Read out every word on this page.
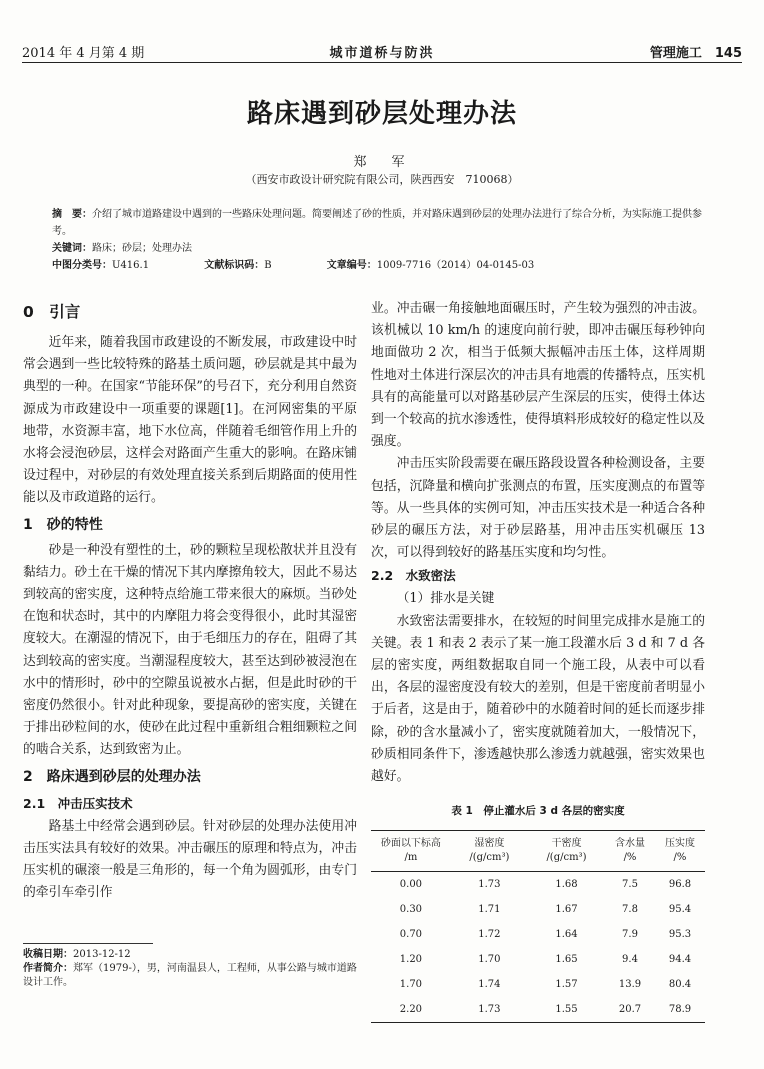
2014 年 4 月第 4 期	城市道桥与防洪	管理施工　145
路床遇到砂层处理办法
郑　军
（西安市政设计研究院有限公司，陕西西安　710068）
摘　要：介绍了城市道路建设中遇到的一些路床处理问题。简要阐述了砂的性质，并对路床遇到砂层的处理办法进行了综合分析，为实际施工提供参考。
关键词：路床；砂层；处理办法
中图分类号：U416.1	文献标识码：B	文章编号：1009-7716（2014）04-0145-03
0　引言

近年来，随着我国市政建设的不断发展，市政建设中时常会遇到一些比较特殊的路基土质问题，砂层就是其中最为典型的一种。在国家“节能环保”的号召下，充分利用自然资源成为市政建设中一项重要的课题[1]。在河网密集的平原地带，水资源丰富，地下水位高，伴随着毛细管作用上升的水将会浸泡砂层，这样会对路面产生重大的影响。在路床铺设过程中，对砂层的有效处理直接关系到后期路面的使用性能以及市政道路的运行。

1　砂的特性

砂是一种没有塑性的土，砂的颗粒呈现松散状并且没有黏结力。砂土在干燥的情况下其内摩擦角较大，因此不易达到较高的密实度，这种特点给施工带来很大的麻烦。当砂处在饱和状态时，其中的内摩阻力将会变得很小，此时其湿密度较大。在潮湿的情况下，由于毛细压力的存在，阻碍了其达到较高的密实度。当潮湿程度较大，甚至达到砂被浸泡在水中的情形时，砂中的空隙虽说被水占据，但是此时砂的干密度仍然很小。针对此种现象，要提高砂的密实度，关键在于排出砂粒间的水，使砂在此过程中重新组合粗细颗粒之间的啮合关系，达到致密为止。

2　路床遇到砂层的处理办法
2.1　冲击压实技术

路基土中经常会遇到砂层。针对砂层的处理办法使用冲击压实法具有较好的效果。冲击碾压的原理和特点为，冲击压实机的碾滚一般是三角形的，每一个角为圆弧形，由专门的牵引车牵引作

收稿日期：2013-12-12
作者简介：郑军（1979-），男，河南温县人，工程师，从事公路与城市道路设计工作。

业。冲击碾一角接触地面碾压时，产生较为强烈的冲击波。该机械以 10 km/h 的速度向前行驶，即冲击碾压每秒钟向地面做功 2 次，相当于低频大振幅冲击压土体，这样周期性地对土体进行深层次的冲击具有地震的传播特点，压实机具有的高能量可以对路基砂层产生深层的压实，使得土体达到一个较高的抗水渗透性，使得填料形成较好的稳定性以及强度。

冲击压实阶段需要在碾压路段设置各种检测设备，主要包括，沉降量和横向扩张测点的布置，压实度测点的布置等等。从一些具体的实例可知，冲击压实技术是一种适合各种砂层的碾压方法，对于砂层路基，用冲击压实机碾压 13 次，可以得到较好的路基压实度和均匀性。

2.2　水致密法

（1）排水是关键

水致密法需要排水，在较短的时间里完成排水是施工的关键。表 1 和表 2 表示了某一施工段灌水后 3 d 和 7 d 各层的密实度，两组数据取自同一个施工段，从表中可以看出，各层的湿密度没有较大的差别，但是干密度前者明显小于后者，这是由于，随着砂中的水随着时间的延长而逐步排除，砂的含水量减小了，密实度就随着加大，一般情况下，砂质相同条件下，渗透越快那么渗透力就越强，密实效果也越好。

表 1　停止灌水后 3 d 各层的密实度
砂面以下标高 /m	湿密度 /(g/cm³)	干密度 /(g/cm³)	含水量 /%	压实度 /%
0.00	1.73	1.68	7.5	96.8
0.30	1.71	1.67	7.8	95.4
0.70	1.72	1.64	7.9	95.3
1.20	1.70	1.65	9.4	94.4
1.70	1.74	1.57	13.9	80.4
2.20	1.73	1.55	20.7	78.9
